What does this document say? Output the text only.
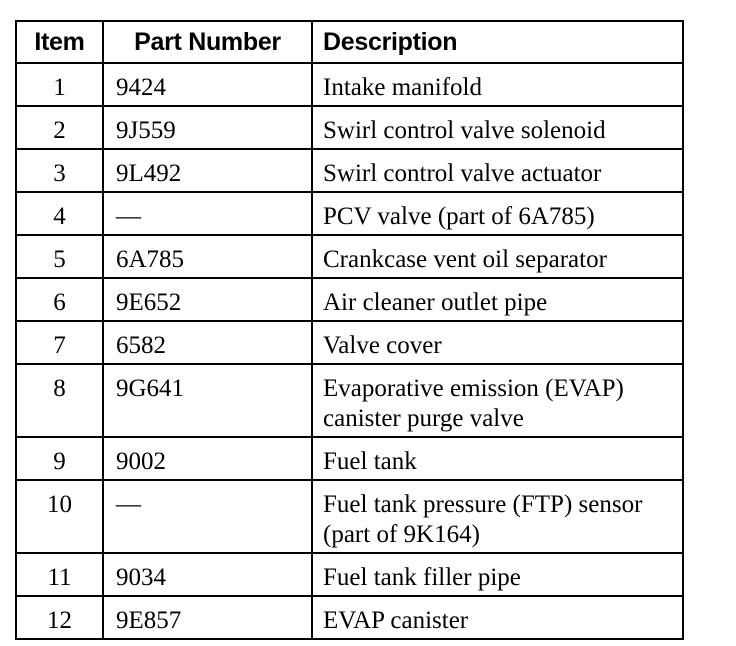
Item	Part Number	Description
1	9424	Intake manifold
2	9J559	Swirl control valve solenoid
3	9L492	Swirl control valve actuator
4	—	PCV valve (part of 6A785)
5	6A785	Crankcase vent oil separator
6	9E652	Air cleaner outlet pipe
7	6582	Valve cover
8	9G641	Evaporative emission (EVAP) canister purge valve
9	9002	Fuel tank
10	—	Fuel tank pressure (FTP) sensor (part of 9K164)
11	9034	Fuel tank filler pipe
12	9E857	EVAP canister
